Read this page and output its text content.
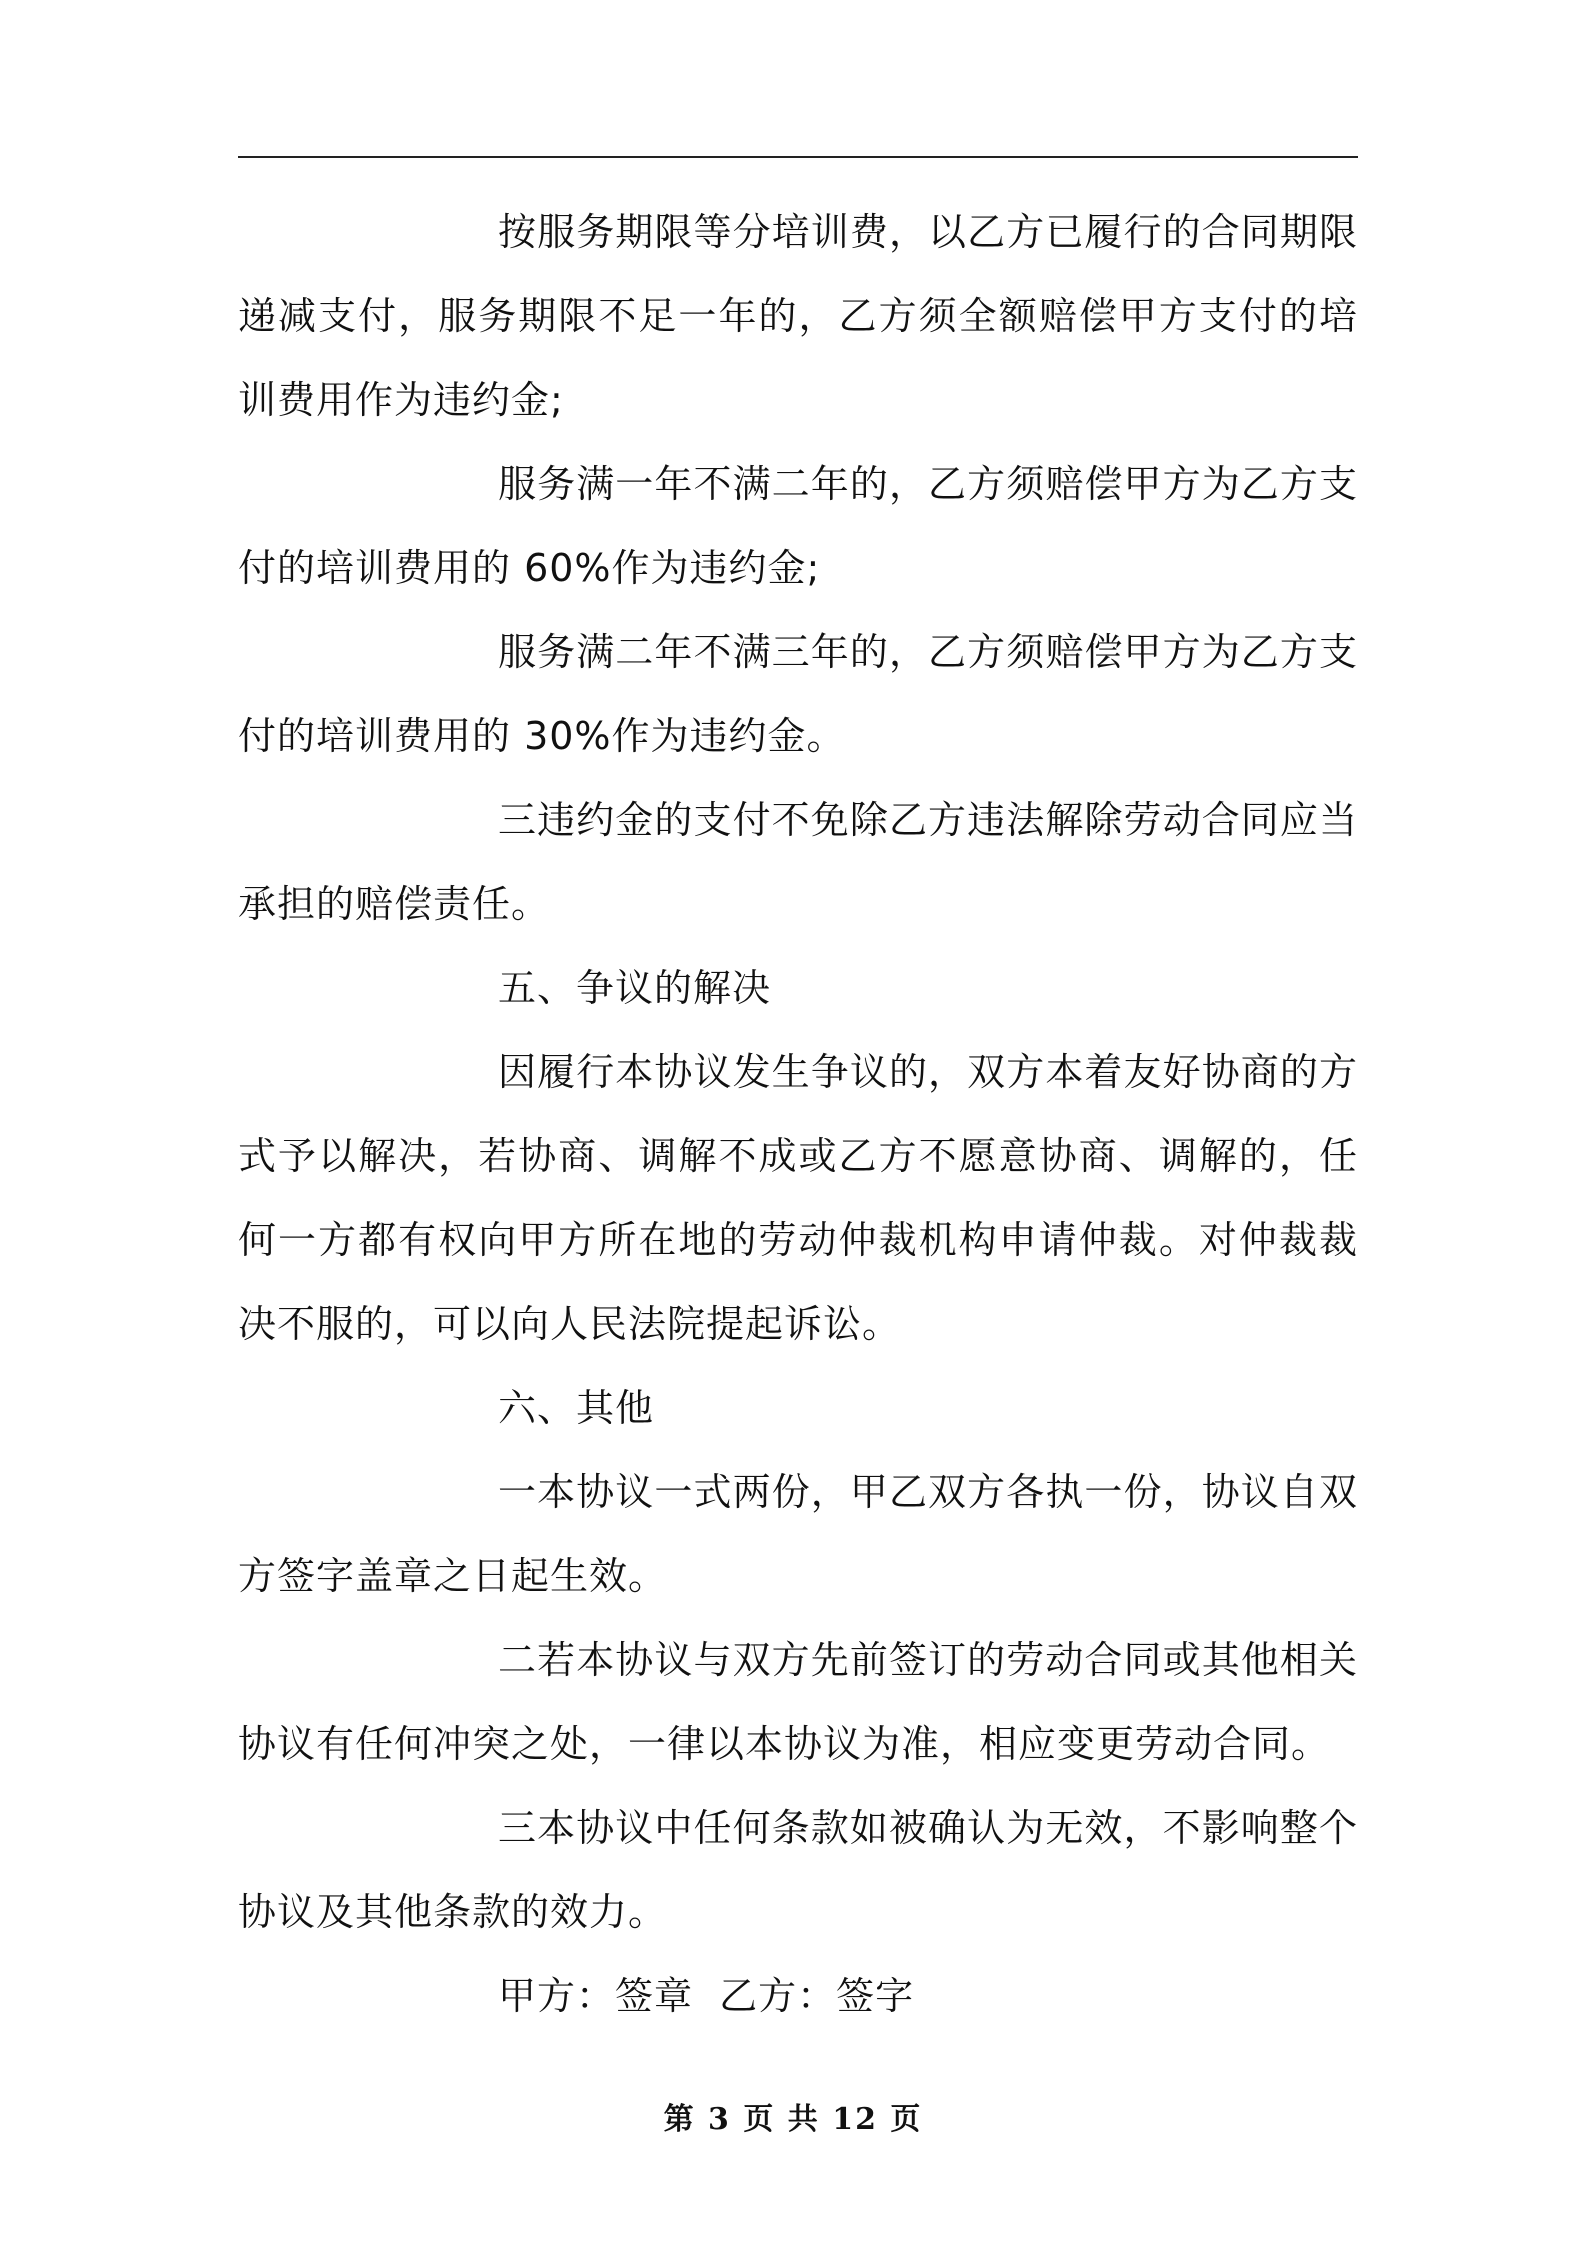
按服务期限等分培训费，以乙方已履行的合同期限递减支付，服务期限不足一年的，乙方须全额赔偿甲方支付的培训费用作为违约金;

服务满一年不满二年的，乙方须赔偿甲方为乙方支付的培训费用的 60%作为违约金;

服务满二年不满三年的，乙方须赔偿甲方为乙方支付的培训费用的 30%作为违约金。

三违约金的支付不免除乙方违法解除劳动合同应当承担的赔偿责任。

五、争议的解决

因履行本协议发生争议的，双方本着友好协商的方式予以解决，若协商、调解不成或乙方不愿意协商、调解的，任何一方都有权向甲方所在地的劳动仲裁机构申请仲裁。对仲裁裁决不服的，可以向人民法院提起诉讼。

六、其他

一本协议一式两份，甲乙双方各执一份，协议自双方签字盖章之日起生效。

二若本协议与双方先前签订的劳动合同或其他相关协议有任何冲突之处，一律以本协议为准，相应变更劳动合同。

三本协议中任何条款如被确认为无效，不影响整个协议及其他条款的效力。

甲方：签章  乙方：签字

第 3 页 共 12 页
